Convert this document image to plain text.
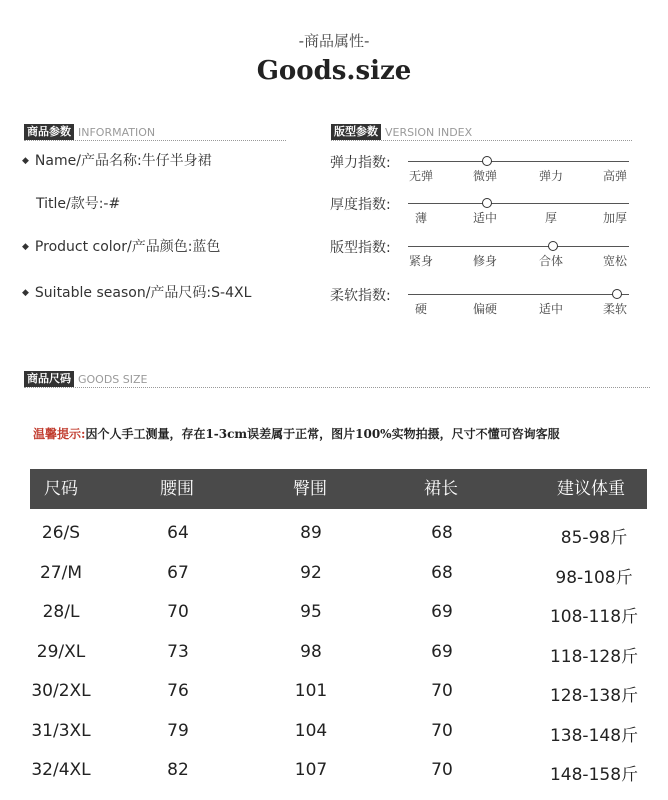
-商品属性-
Goods.size
商品参数 INFORMATION
◆ Name/产品名称:牛仔半身裙
Title/款号:-#
◆ Product color/产品颜色:蓝色
◆ Suitable season/产品尺码:S-4XL
版型参数 VERSION INDEX
弹力指数:
无弹	微弹	弹力	高弹
厚度指数:
薄	适中	厚	加厚
版型指数:
紧身	修身	合体	宽松
柔软指数:
硬	偏硬	适中	柔软
商品尺码 GOODS SIZE
温馨提示:因个人手工测量，存在1-3cm误差属于正常，图片100%实物拍摄，尺寸不懂可咨询客服
尺码	腰围	臀围	裙长	建议体重
26/S	64	89	68	85-98斤
27/M	67	92	68	98-108斤
28/L	70	95	69	108-118斤
29/XL	73	98	69	118-128斤
30/2XL	76	101	70	128-138斤
31/3XL	79	104	70	138-148斤
32/4XL	82	107	70	148-158斤
